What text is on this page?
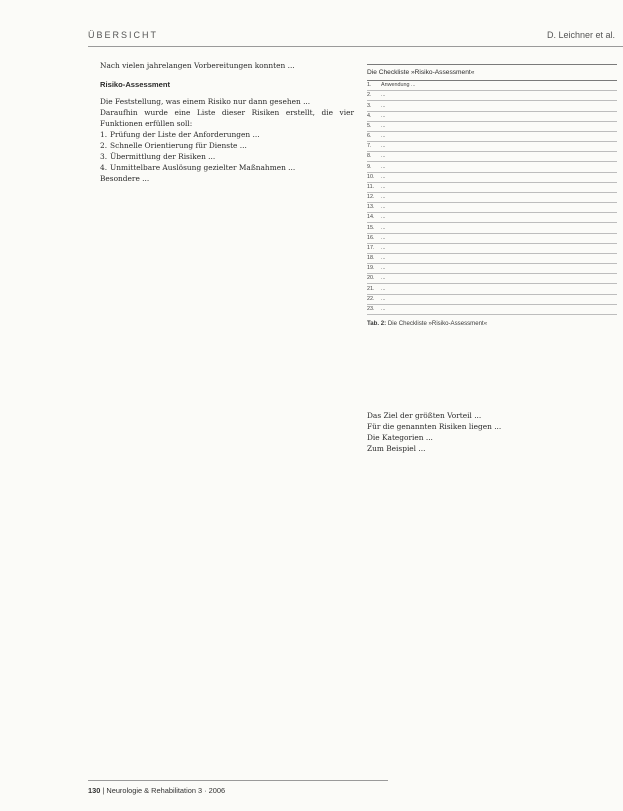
ÜBERSICHT	D. Leichner et al.

Nach vielen jahrelangen Vorbereitungen konnten ...

Risiko-Assessment

Die Feststellung, was einem Risiko nur dann gesehen ...

Daraufhin wurde eine Liste dieser Risiken erstellt, die vier Funktionen erfüllen soll:

1. Prüfung der Liste der Anforderungen ...
2. Schnelle Orientierung für Dienste ...
3. Übermittlung der Risiken ...
4. Unmittelbare Auslösung gezielter Maßnahmen ...

Besondere ...

Die Checkliste »Risiko-Assessment«
1.	Anwendung ...
2.	...
3.	...
4.	...
5.	...
6.	...
7.	...
8.	...
9.	...
10.	...
11.	...
12.	...
13.	...
14.	...
15.	...
16.	...
17.	...
18.	...
19.	...
20.	...
21.	...
22.	...
23.	...
Tab. 2: Die Checkliste »Risiko-Assessment«

Das Ziel der größten Vorteil ...

Für die genannten Risiken liegen ...

Die Kategorien ...

Zum Beispiel ...

130 | Neurologie & Rehabilitation 3 · 2006
